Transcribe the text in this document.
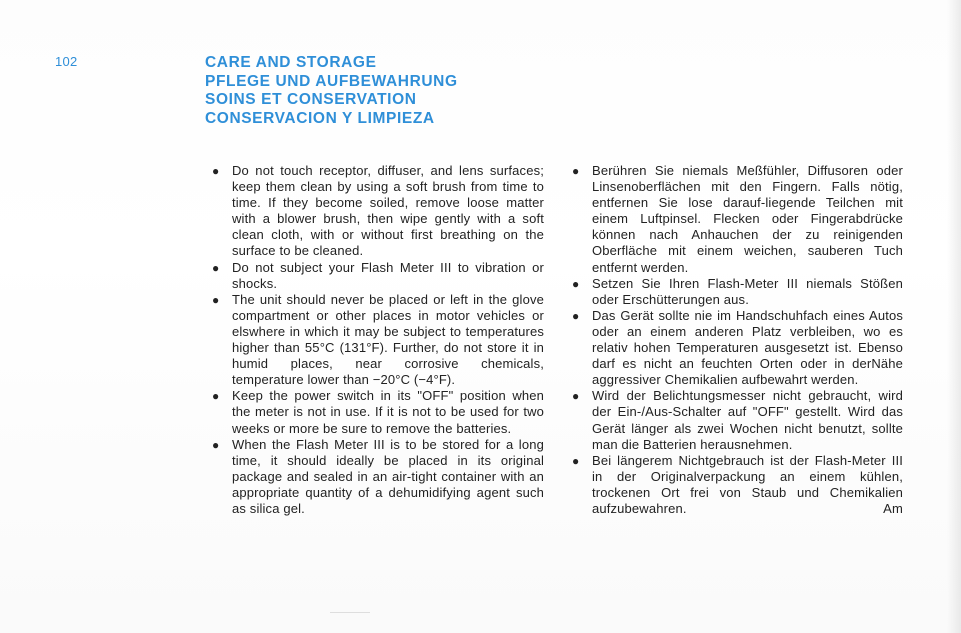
102	CARE AND STORAGE
PFLEGE UND AUFBEWAHRUNG
SOINS ET CONSERVATION
CONSERVACION Y LIMPIEZA
● Do not touch receptor, diffuser, and lens surfaces; keep them clean by using a soft brush from time to time. If they become soiled, remove loose matter with a blower brush, then wipe gently with a soft clean cloth, with or without first breathing on the surface to be cleaned.
● Do not subject your Flash Meter III to vibration or shocks.
● The unit should never be placed or left in the glove compartment or other places in motor vehicles or elswhere in which it may be subject to temperatures higher than 55°C (131°F). Further, do not store it in humid places, near corrosive chemicals, temperature lower than −20°C (−4°F).
● Keep the power switch in its "OFF" position when the meter is not in use. If it is not to be used for two weeks or more be sure to remove the batteries.
● When the Flash Meter III is to be stored for a long time, it should ideally be placed in its original package and sealed in an air-tight container with an appropriate quantity of a dehumidifying agent such as silica gel.
● Berühren Sie niemals Meßfühler, Diffusoren oder Linsenoberflächen mit den Fingern. Falls nötig, entfernen Sie lose darauf-liegende Teilchen mit einem Luftpinsel. Flecken oder Fingerabdrücke können nach Anhauchen der zu reinigenden Oberfläche mit einem weichen, sauberen Tuch entfernt werden.
● Setzen Sie Ihren Flash-Meter III niemals Stößen oder Erschütterungen aus.
● Das Gerät sollte nie im Handschuhfach eines Autos oder an einem anderen Platz verbleiben, wo es relativ hohen Temperaturen ausgesetzt ist. Ebenso darf es nicht an feuchten Orten oder in derNähe aggressiver Chemikalien aufbewahrt werden.
● Wird der Belichtungsmesser nicht gebraucht, wird der Ein-/Aus-Schalter auf "OFF" gestellt. Wird das Gerät länger als zwei Wochen nicht benutzt, sollte man die Batterien herausnehmen.
● Bei längerem Nichtgebrauch ist der Flash-Meter III in der Originalverpackung an einem kühlen, trockenen Ort frei von Staub und Chemikalien aufzubewahren. Am
